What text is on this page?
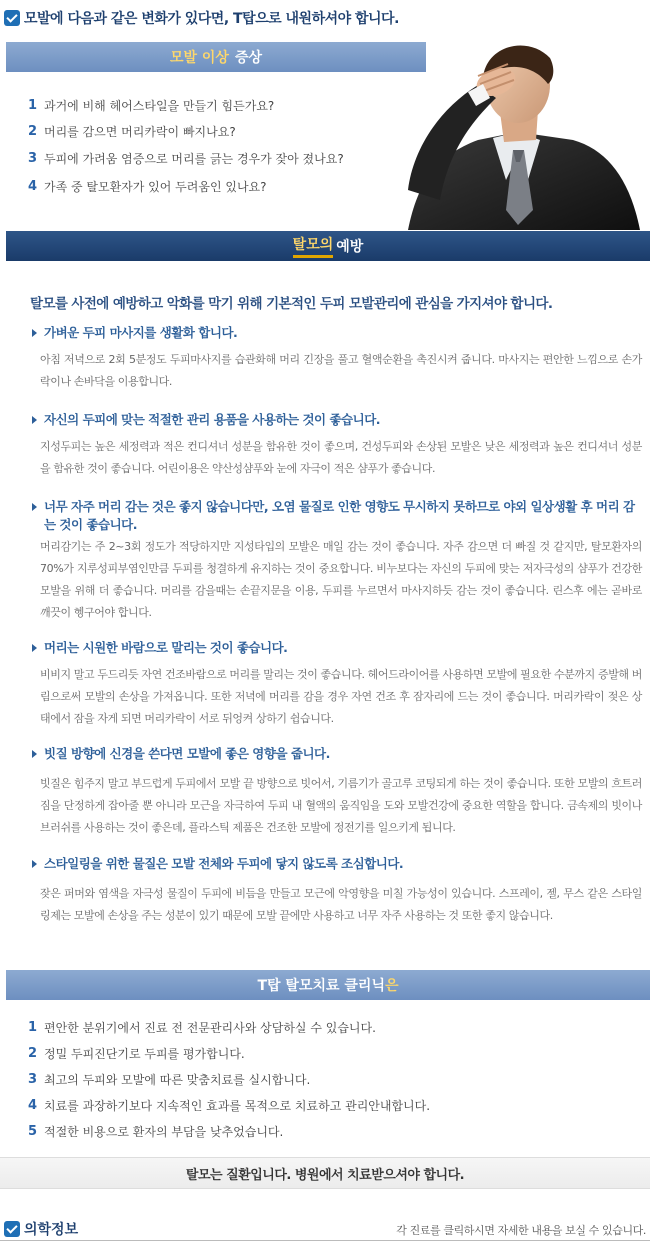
모발에 다음과 같은 변화가 있다면, T탑으로 내원하셔야 합니다.
모발 이상 증상
1 과거에 비해 헤어스타일을 만들기 힘든가요?
2 머리를 감으면 머리카락이 빠지나요?
3 두피에 가려움 염증으로 머리를 긁는 경우가 잦아 졌나요?
4 가족 중 탈모환자가 있어 두려움인 있나요?
탈모의 예방
탈모를 사전에 예방하고 악화를 막기 위해 기본적인 두피 모발관리에 관심을 가지셔야 합니다.
가벼운 두피 마사지를 생활화 합니다.
아침 저녁으로 2회 5분정도 두피마사지를 습관화해 머리 긴장을 풀고 혈액순환을 촉진시켜 줍니다. 마사지는 편안한 느낌으로 손가락이나 손바닥을 이용합니다.
자신의 두피에 맞는 적절한 관리 용품을 사용하는 것이 좋습니다.
지성두피는 높은 세정력과 적은 컨디셔너 성분을 함유한 것이 좋으며, 건성두피와 손상된 모발은 낮은 세정력과 높은 컨디셔너 성분을 함유한 것이 좋습니다. 어린이용은 약산성샴푸와 눈에 자극이 적은 샴푸가 좋습니다.
너무 자주 머리 감는 것은 좋지 않습니다만, 오염 물질로 인한 영향도 무시하지 못하므로 야외 일상생활 후 머리 감는 것이 좋습니다.
머리감기는 주 2~3회 정도가 적당하지만 지성타입의 모발은 매일 감는 것이 좋습니다. 자주 감으면 더 빠질 것 같지만, 탈모환자의 70%가 지루성피부염인만큼 두피를 청결하게 유지하는 것이 중요합니다. 비누보다는 자신의 두피에 맞는 저자극성의 샴푸가 건강한 모발을 위해 더 좋습니다. 머리를 감을때는 손끝지문을 이용, 두피를 누르면서 마사지하듯 감는 것이 좋습니다. 린스후 에는 곧바로 깨끗이 헹구어야 합니다.
머리는 시원한 바람으로 말리는 것이 좋습니다.
비비지 말고 두드리듯 자연 건조바람으로 머리를 말리는 것이 좋습니다. 헤어드라이어를 사용하면 모발에 필요한 수분까지 증발해 버림으로써 모발의 손상을 가져옵니다. 또한 저녁에 머리를 감을 경우 자연 건조 후 잠자리에 드는 것이 좋습니다. 머리카락이 젖은 상태에서 잠을 자게 되면 머리카락이 서로 뒤엉켜 상하기 쉽습니다.
빗질 방향에 신경을 쓴다면 모발에 좋은 영향을 줍니다.
빗질은 힘주지 말고 부드럽게 두피에서 모발 끝 방향으로 빗어서, 기름기가 골고루 코팅되게 하는 것이 좋습니다. 또한 모발의 흐트러짐을 단정하게 잡아줄 뿐 아니라 모근을 자극하여 두피 내 혈액의 움직임을 도와 모발건강에 중요한 역할을 합니다. 금속제의 빗이나 브러쉬를 사용하는 것이 좋은데, 플라스틱 제품은 건조한 모발에 정전기를 일으키게 됩니다.
스타일링을 위한 물질은 모발 전체와 두피에 닿지 않도록 조심합니다.
잦은 퍼머와 염색을 자극성 물질이 두피에 비듬을 만들고 모근에 악영향을 미칠 가능성이 있습니다. 스프레이, 젤, 무스 같은 스타일링제는 모발에 손상을 주는 성분이 있기 때문에 모발 끝에만 사용하고 너무 자주 사용하는 것 또한 좋지 않습니다.
T탑 탈모치료 클리닉 은
1 편안한 분위기에서 진료 전 전문관리사와 상담하실 수 있습니다.
2 정밀 두피진단기로 두피를 평가합니다.
3 최고의 두피와 모발에 따른 맞춤치료를 실시합니다.
4 치료를 과장하기보다 지속적인 효과를 목적으로 치료하고 관리안내합니다.
5 적절한 비용으로 환자의 부담을 낮추었습니다.
탈모는 질환입니다. 병원에서 치료받으셔야 합니다.
의학정보	각 진료를 클릭하시면 자세한 내용을 보실 수 있습니다.
